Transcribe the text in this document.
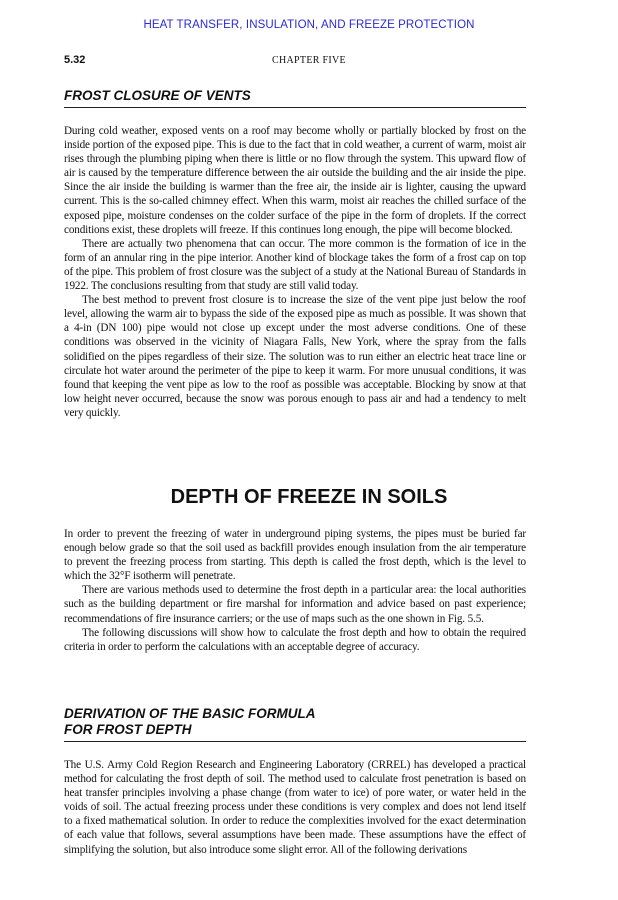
HEAT TRANSFER, INSULATION, AND FREEZE PROTECTION
5.32	CHAPTER FIVE
FROST CLOSURE OF VENTS

During cold weather, exposed vents on a roof may become wholly or partially blocked by frost on the inside portion of the exposed pipe. This is due to the fact that in cold weather, a current of warm, moist air rises through the plumbing piping when there is little or no flow through the system. This upward flow of air is caused by the temperature difference between the air outside the building and the air inside the pipe. Since the air inside the building is warmer than the free air, the inside air is lighter, causing the upward current. This is the so-called chimney effect. When this warm, moist air reaches the chilled surface of the exposed pipe, moisture condenses on the colder surface of the pipe in the form of droplets. If the correct conditions exist, these droplets will freeze. If this continues long enough, the pipe will become blocked.

There are actually two phenomena that can occur. The more common is the formation of ice in the form of an annular ring in the pipe interior. Another kind of blockage takes the form of a frost cap on top of the pipe. This problem of frost closure was the subject of a study at the National Bureau of Standards in 1922. The conclusions resulting from that study are still valid today.

The best method to prevent frost closure is to increase the size of the vent pipe just below the roof level, allowing the warm air to bypass the side of the exposed pipe as much as possible. It was shown that a 4-in (DN 100) pipe would not close up except under the most adverse conditions. One of these conditions was observed in the vicinity of Niagara Falls, New York, where the spray from the falls solidified on the pipes regardless of their size. The solution was to run either an electric heat trace line or circulate hot water around the perimeter of the pipe to keep it warm. For more unusual conditions, it was found that keeping the vent pipe as low to the roof as possible was acceptable. Blocking by snow at that low height never occurred, because the snow was porous enough to pass air and had a tendency to melt very quickly.

DEPTH OF FREEZE IN SOILS

In order to prevent the freezing of water in underground piping systems, the pipes must be buried far enough below grade so that the soil used as backfill provides enough insulation from the air temperature to prevent the freezing process from starting. This depth is called the frost depth, which is the level to which the 32°F isotherm will penetrate.

There are various methods used to determine the frost depth in a particular area: the local authorities such as the building department or fire marshal for information and advice based on past experience; recommendations of fire insurance carriers; or the use of maps such as the one shown in Fig. 5.5.

The following discussions will show how to calculate the frost depth and how to obtain the required criteria in order to perform the calculations with an acceptable degree of accuracy.

DERIVATION OF THE BASIC FORMULA
FOR FROST DEPTH

The U.S. Army Cold Region Research and Engineering Laboratory (CRREL) has developed a practical method for calculating the frost depth of soil. The method used to calculate frost penetration is based on heat transfer principles involving a phase change (from water to ice) of pore water, or water held in the voids of soil. The actual freezing process under these conditions is very complex and does not lend itself to a fixed mathematical solution. In order to reduce the complexities involved for the exact determination of each value that follows, several assumptions have been made. These assumptions have the effect of simplifying the solution, but also introduce some slight error. All of the following derivations
